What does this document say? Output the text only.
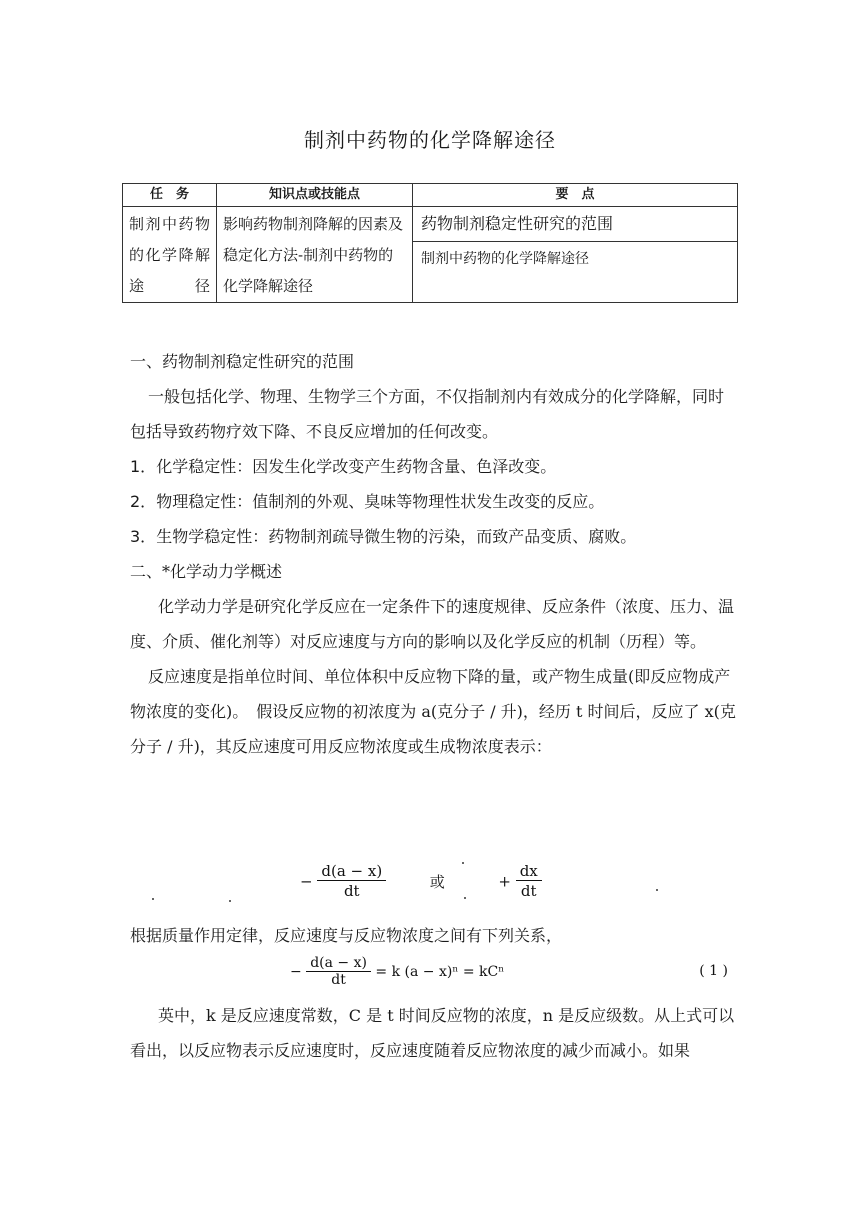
制剂中药物的化学降解途径
任　务	知识点或技能点	要　点
制剂中药物的化学降解途径	影响药物制剂降解的因素及稳定化方法-制剂中药物的化学降解途径	药物制剂稳定性研究的范围
制剂中药物的化学降解途径

一、药物制剂稳定性研究的范围

一般包括化学、物理、生物学三个方面，不仅指制剂内有效成分的化学降解，同时包括导致药物疗效下降、不良反应增加的任何改变。

1．化学稳定性：因发生化学改变产生药物含量、色泽改变。

2．物理稳定性：值制剂的外观、臭味等物理性状发生改变的反应。

3．生物学稳定性：药物制剂疏导微生物的污染，而致产品变质、腐败。

二、*化学动力学概述

化学动力学是研究化学反应在一定条件下的速度规律、反应条件（浓度、压力、温度、介质、催化剂等）对反应速度与方向的影响以及化学反应的机制（历程）等。

反应速度是指单位时间、单位体积中反应物下降的量，或产物生成量(即反应物成产物浓度的变化)。　假设反应物的初浓度为 a(克分子 / 升)，经历 t 时间后，反应了 x(克分子 / 升)，其反应速度可用反应物浓度或生成物浓度表示：

− $\frac{d(a - x)}{dt}$	或	+ $\frac{dx}{dt}$

根据质量作用定律，反应速度与反应物浓度之间有下列关系，

− $\frac{d(a - x)}{dt} = k$ (a − x)ⁿ = kCⁿ	( 1 )

英中，k 是反应速度常数，C 是 t 时间反应物的浓度，n 是反应级数。从上式可以

看出，以反应物表示反应速度时，反应速度随着反应物浓度的减少而减小。如果
